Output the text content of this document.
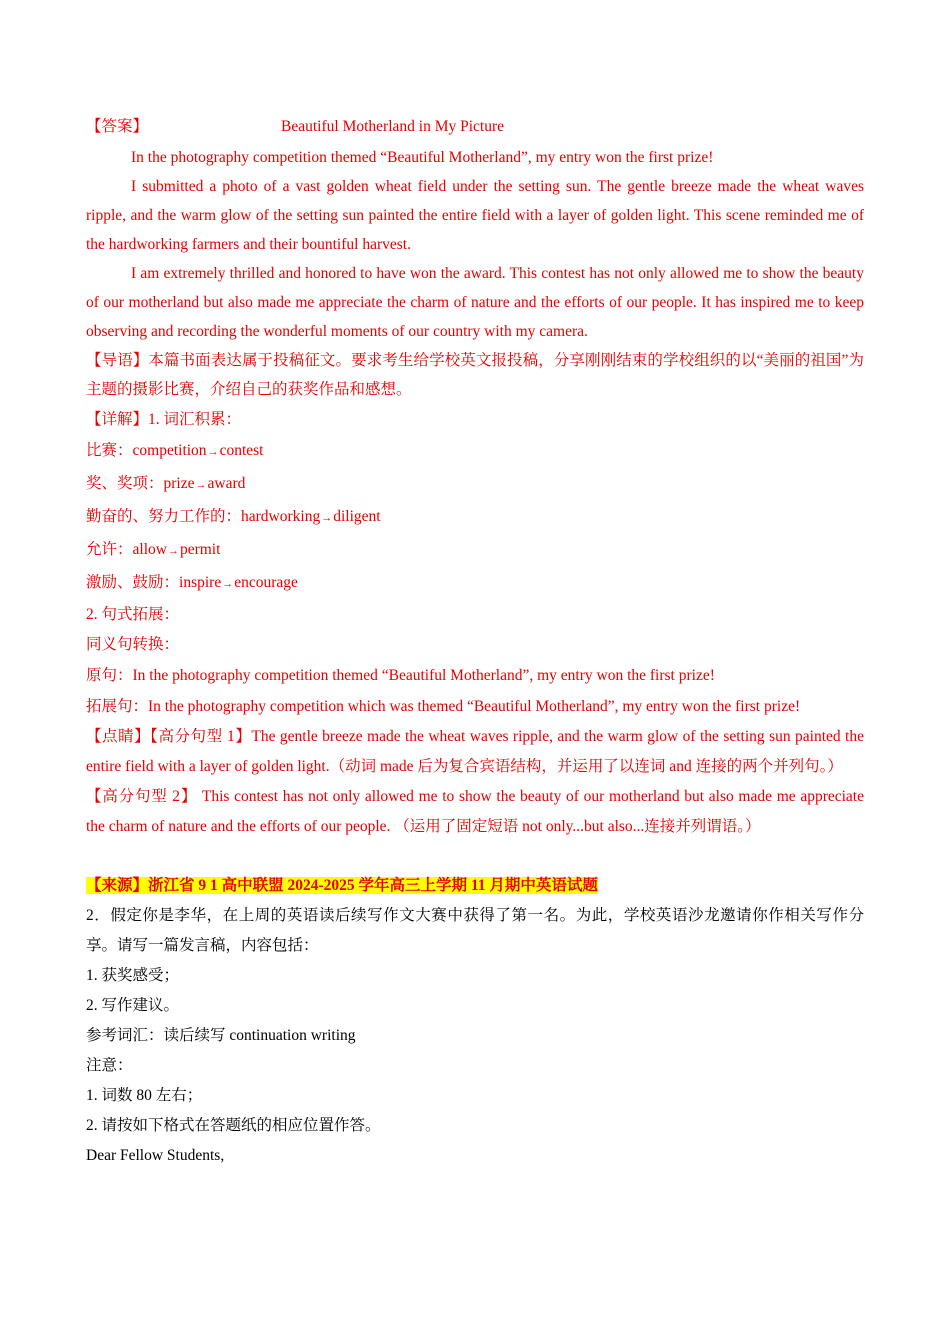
【答案】	Beautiful Motherland in My Picture
In the photography competition themed “Beautiful Motherland”, my entry won the first prize!
I submitted a photo of a vast golden wheat field under the setting sun. The gentle breeze made the wheat waves ripple, and the warm glow of the setting sun painted the entire field with a layer of golden light. This scene reminded me of the hardworking farmers and their bountiful harvest.
I am extremely thrilled and honored to have won the award. This contest has not only allowed me to show the beauty of our motherland but also made me appreciate the charm of nature and the efforts of our people. It has inspired me to keep observing and recording the wonderful moments of our country with my camera.
【导语】本篇书面表达属于投稿征文。要求考生给学校英文报投稿，分享刚刚结束的学校组织的以“美丽的祖国”为主题的摄影比赛，介绍自己的获奖作品和感想。
【详解】1. 词汇积累：
比赛：competition→contest
奖、奖项：prize→award
勤奋的、努力工作的：hardworking→diligent
允许：allow→permit
激励、鼓励：inspire→encourage
2. 句式拓展：
同义句转换：
原句：In the photography competition themed “Beautiful Motherland”, my entry won the first prize!
拓展句：In the photography competition which was themed “Beautiful Motherland”, my entry won the first prize!
【点睛】【高分句型 1】The gentle breeze made the wheat waves ripple, and the warm glow of the setting sun painted the entire field with a layer of golden light.（动词 made 后为复合宾语结构，并运用了以连词 and 连接的两个并列句。）
【高分句型 2】 This contest has not only allowed me to show the beauty of our motherland but also made me appreciate the charm of nature and the efforts of our people. （运用了固定短语 not only...but also...连接并列谓语。）
【来源】浙江省 9 1 高中联盟 2024-2025 学年高三上学期 11 月期中英语试题
2．假定你是李华，在上周的英语读后续写作文大赛中获得了第一名。为此，学校英语沙龙邀请你作相关写作分享。请写一篇发言稿，内容包括：
1. 获奖感受；
2. 写作建议。
参考词汇：读后续写 continuation writing
注意：
1. 词数 80 左右；
2. 请按如下格式在答题纸的相应位置作答。
Dear Fellow Students,
